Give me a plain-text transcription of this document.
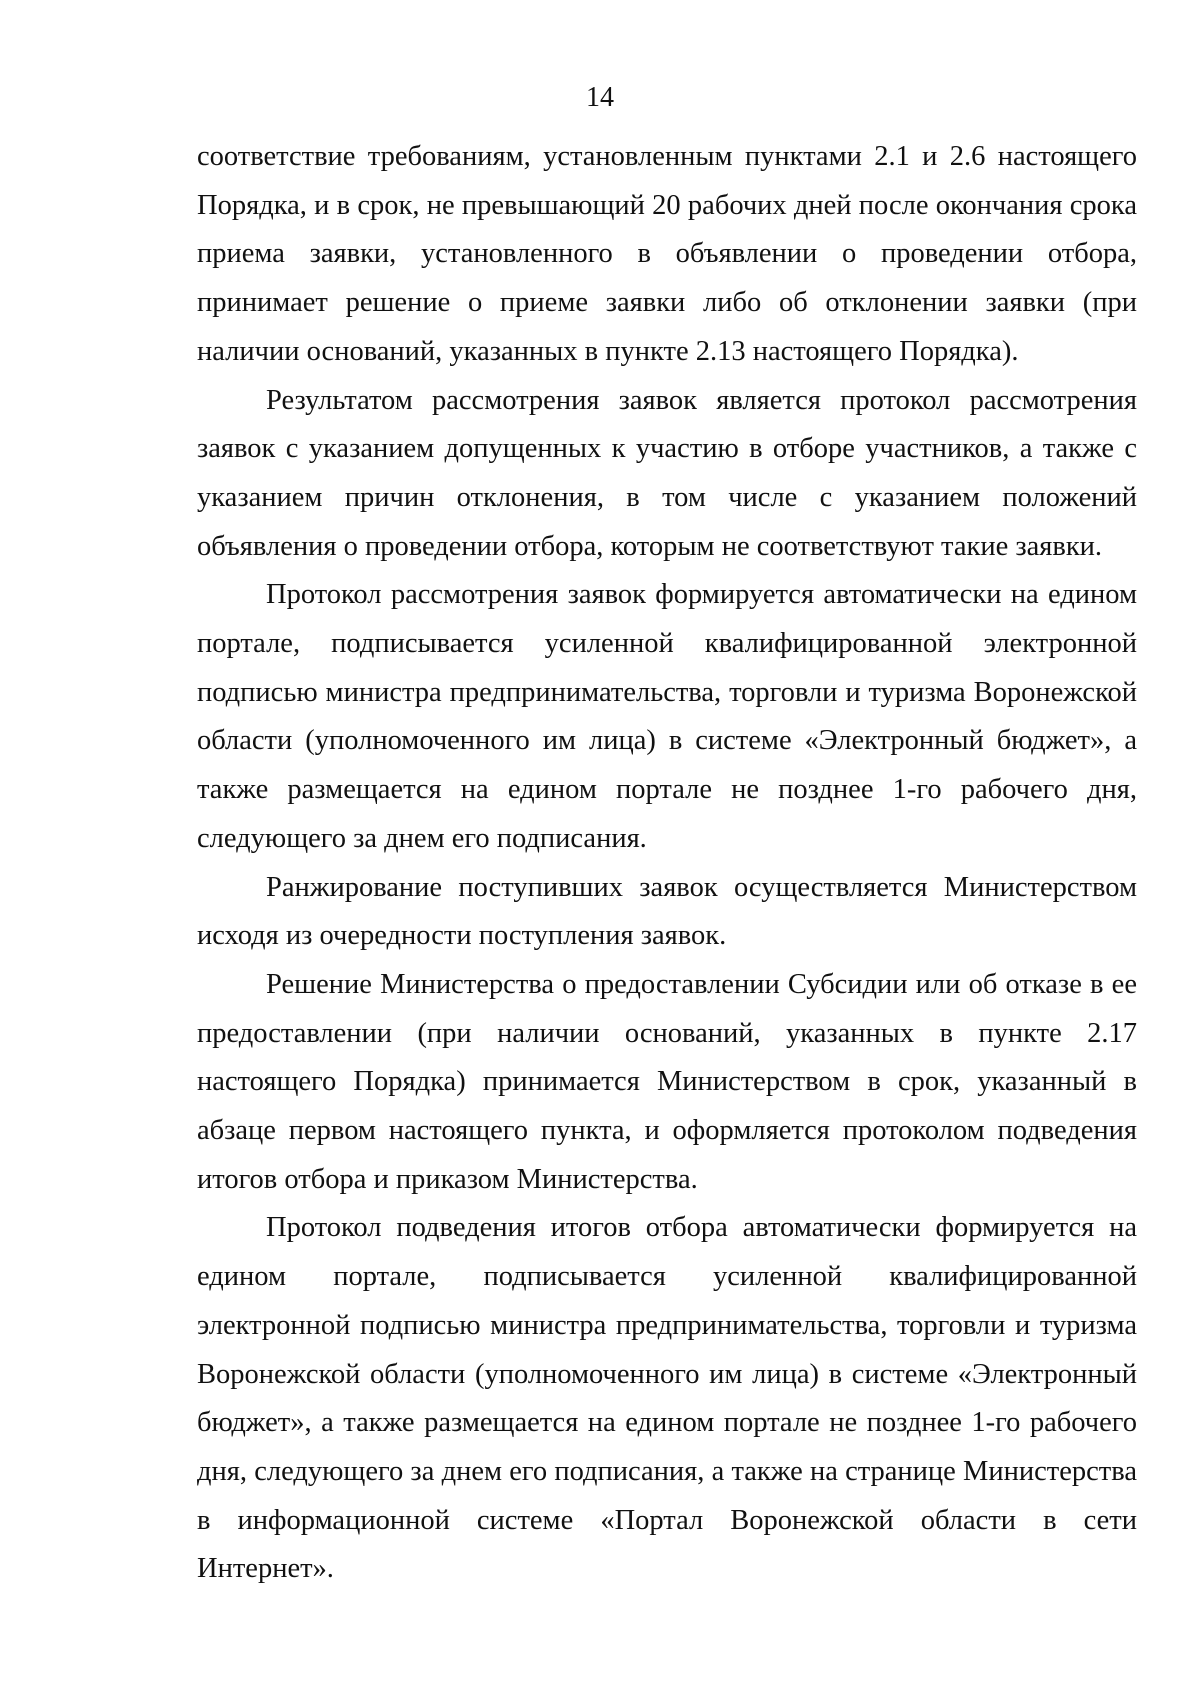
14

соответствие требованиям, установленным пунктами 2.1 и 2.6 настоящего Порядка, и в срок, не превышающий 20 рабочих дней после окончания срока приема заявки, установленного в объявлении о проведении отбора, принимает решение о приеме заявки либо об отклонении заявки (при наличии оснований, указанных в пункте 2.13 настоящего Порядка).

Результатом рассмотрения заявок является протокол рассмотрения заявок с указанием допущенных к участию в отборе участников, а также с указанием причин отклонения, в том числе с указанием положений объявления о проведении отбора, которым не соответствуют такие заявки.

Протокол рассмотрения заявок формируется автоматически на едином портале, подписывается усиленной квалифицированной электронной подписью министра предпринимательства, торговли и туризма Воронежской области (уполномоченного им лица) в системе «Электронный бюджет», а также размещается на едином портале не позднее 1-го рабочего дня, следующего за днем его подписания.

Ранжирование поступивших заявок осуществляется Министерством исходя из очередности поступления заявок.

Решение Министерства о предоставлении Субсидии или об отказе в ее предоставлении (при наличии оснований, указанных в пункте 2.17 настоящего Порядка) принимается Министерством в срок, указанный в абзаце первом настоящего пункта, и оформляется протоколом подведения итогов отбора и приказом Министерства.

Протокол подведения итогов отбора автоматически формируется на едином портале, подписывается усиленной квалифицированной электронной подписью министра предпринимательства, торговли и туризма Воронежской области (уполномоченного им лица) в системе «Электронный бюджет», а также размещается на едином портале не позднее 1-го рабочего дня, следующего за днем его подписания, а также на странице Министерства в информационной системе «Портал Воронежской области в сети Интернет».
